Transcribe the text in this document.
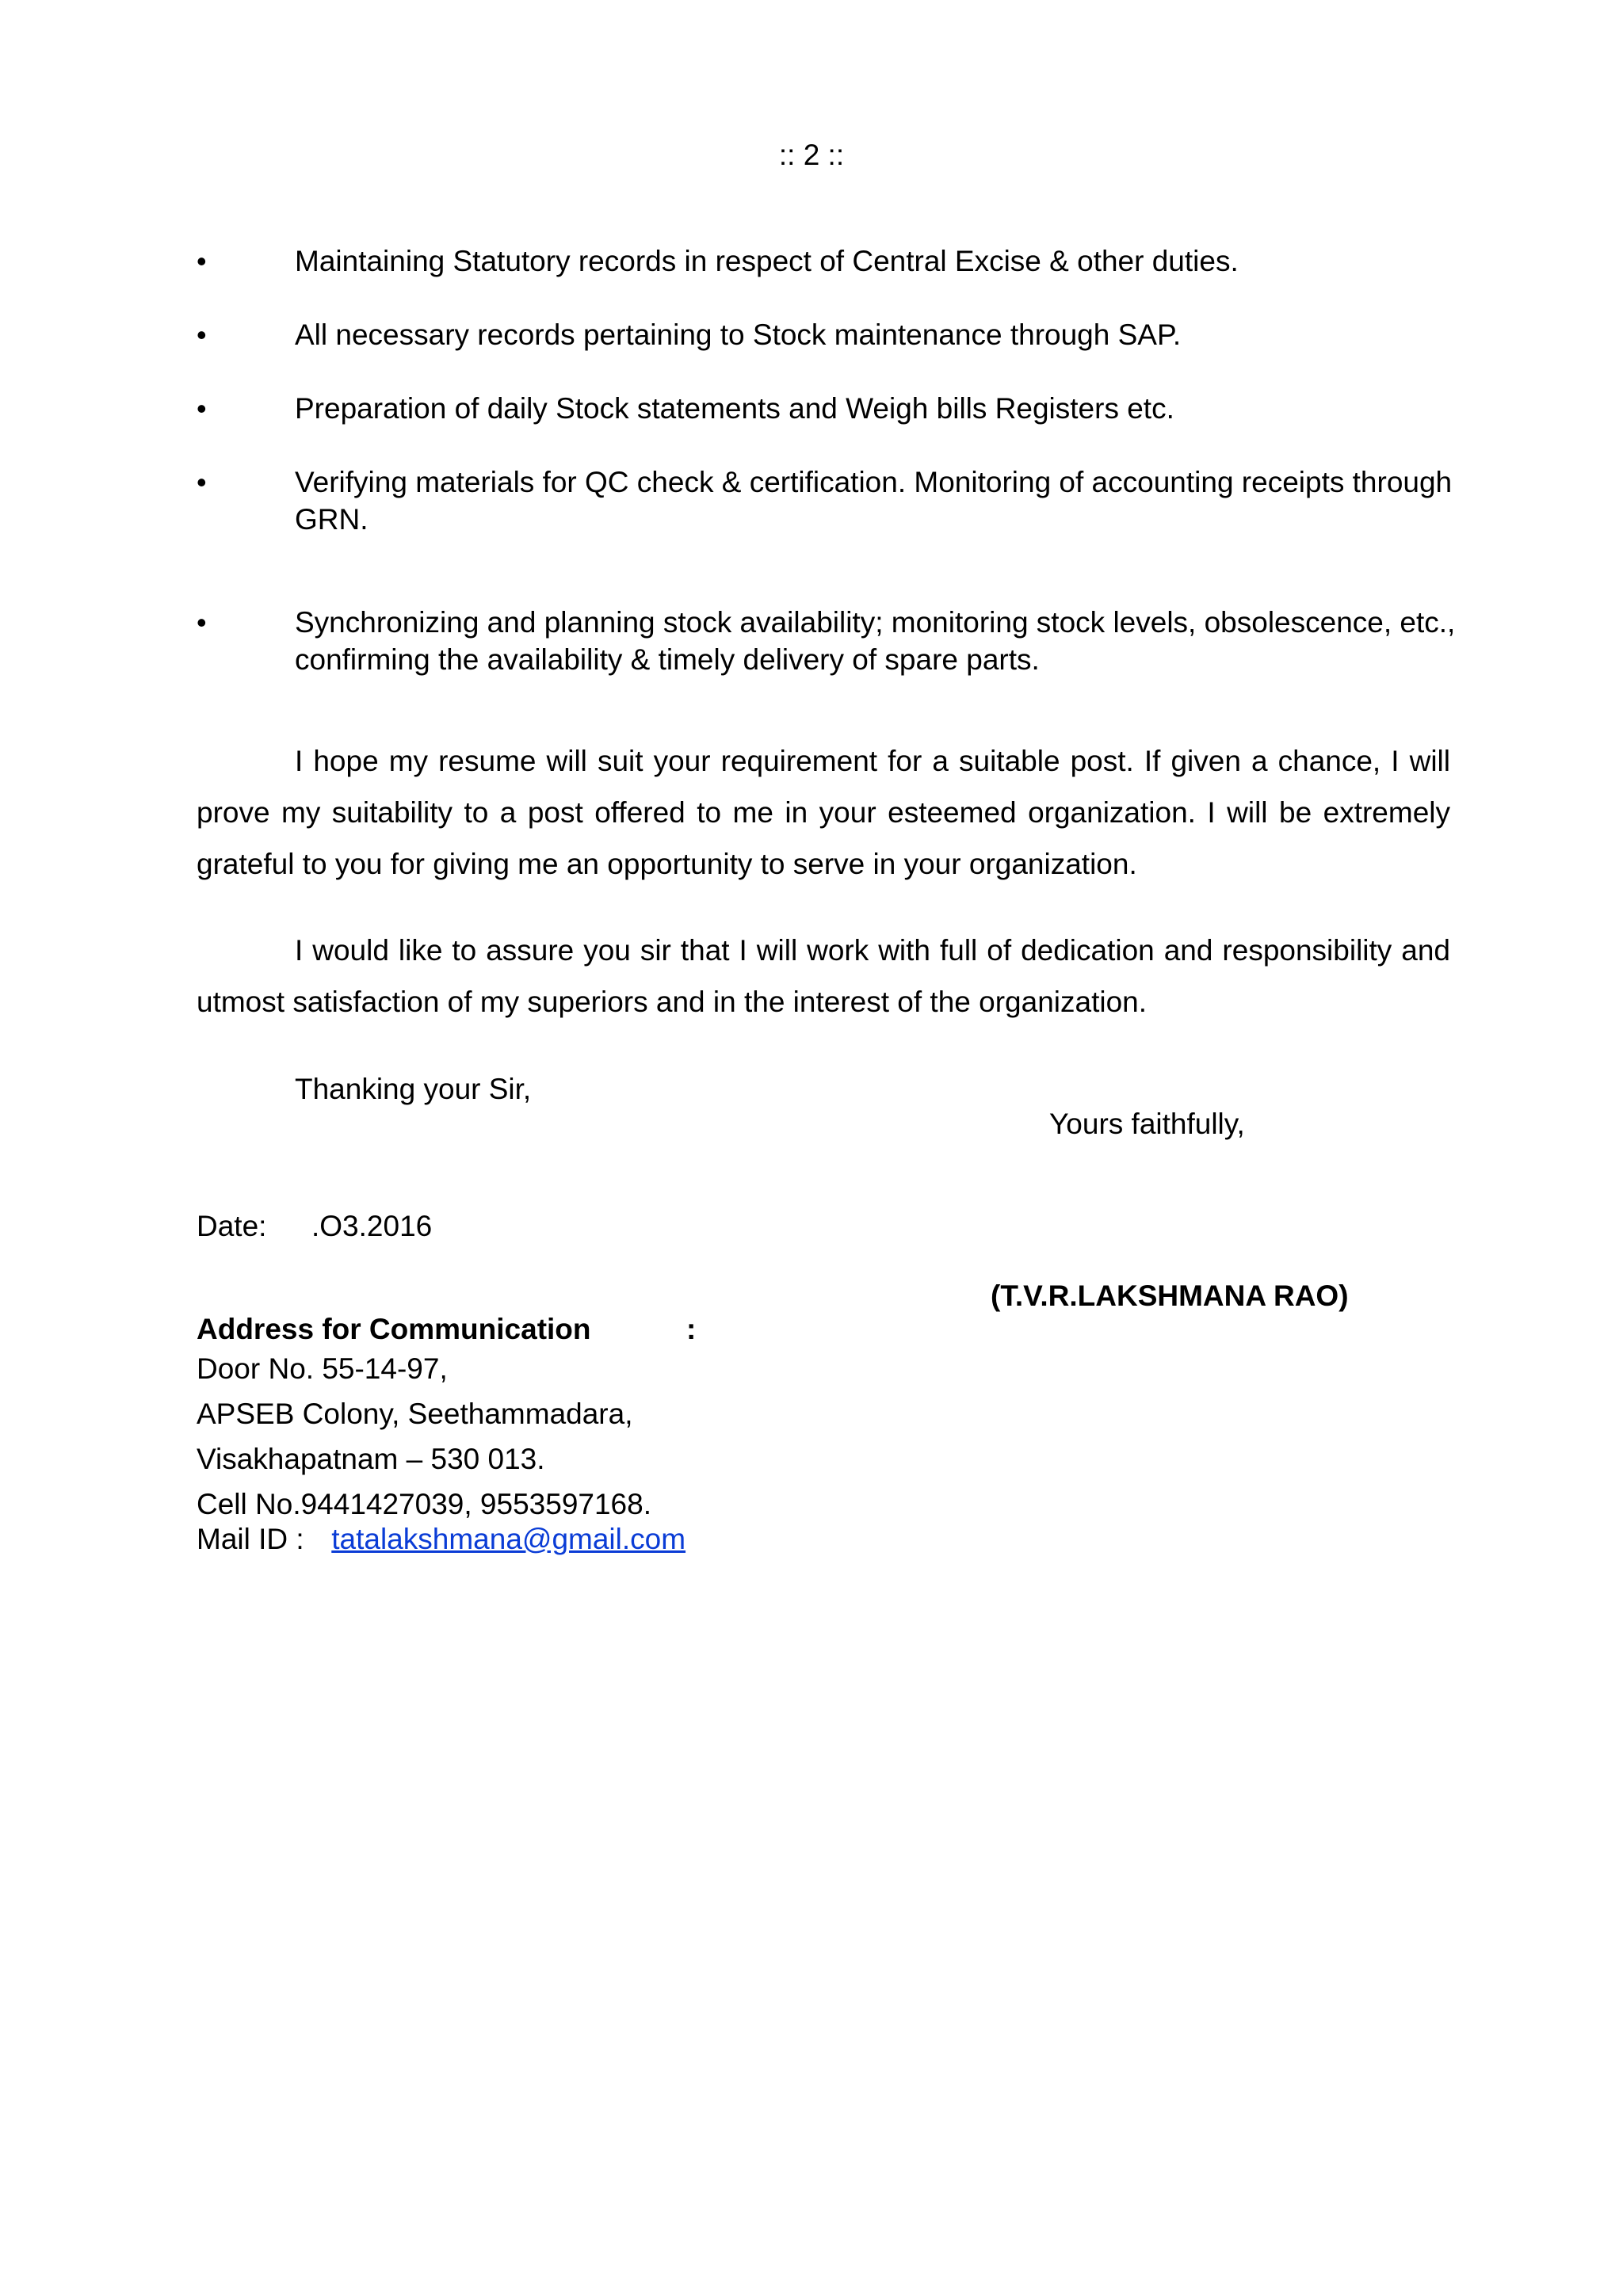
:: 2 ::
•	Maintaining Statutory records in respect of Central Excise & other duties.
•	All necessary records pertaining to Stock maintenance through SAP.
•	Preparation of daily Stock statements and Weigh bills Registers etc.
•	Verifying materials for QC check & certification. Monitoring of accounting receipts through GRN.
•	Synchronizing and planning stock availability; monitoring stock levels, obsolescence, etc., confirming the availability & timely delivery of spare parts.

I hope my resume will suit your requirement for a suitable post. If given a chance, I will prove my suitability to a post offered to me in your esteemed organization. I will be extremely grateful to you for giving me an opportunity to serve in your organization.

I would like to assure you sir that I will work with full of dedication and responsibility and utmost satisfaction of my superiors and in the interest of the organization.

Thanking your Sir,
Yours faithfully,
Date: .O3.2016
(T.V.R.LAKSHMANA RAO)
Address for Communication	:
Door No. 55-14-97,
APSEB Colony, Seethammadara,
Visakhapatnam – 530 013.
Cell No.9441427039, 9553597168.
Mail ID : tatalakshmana@gmail.com
